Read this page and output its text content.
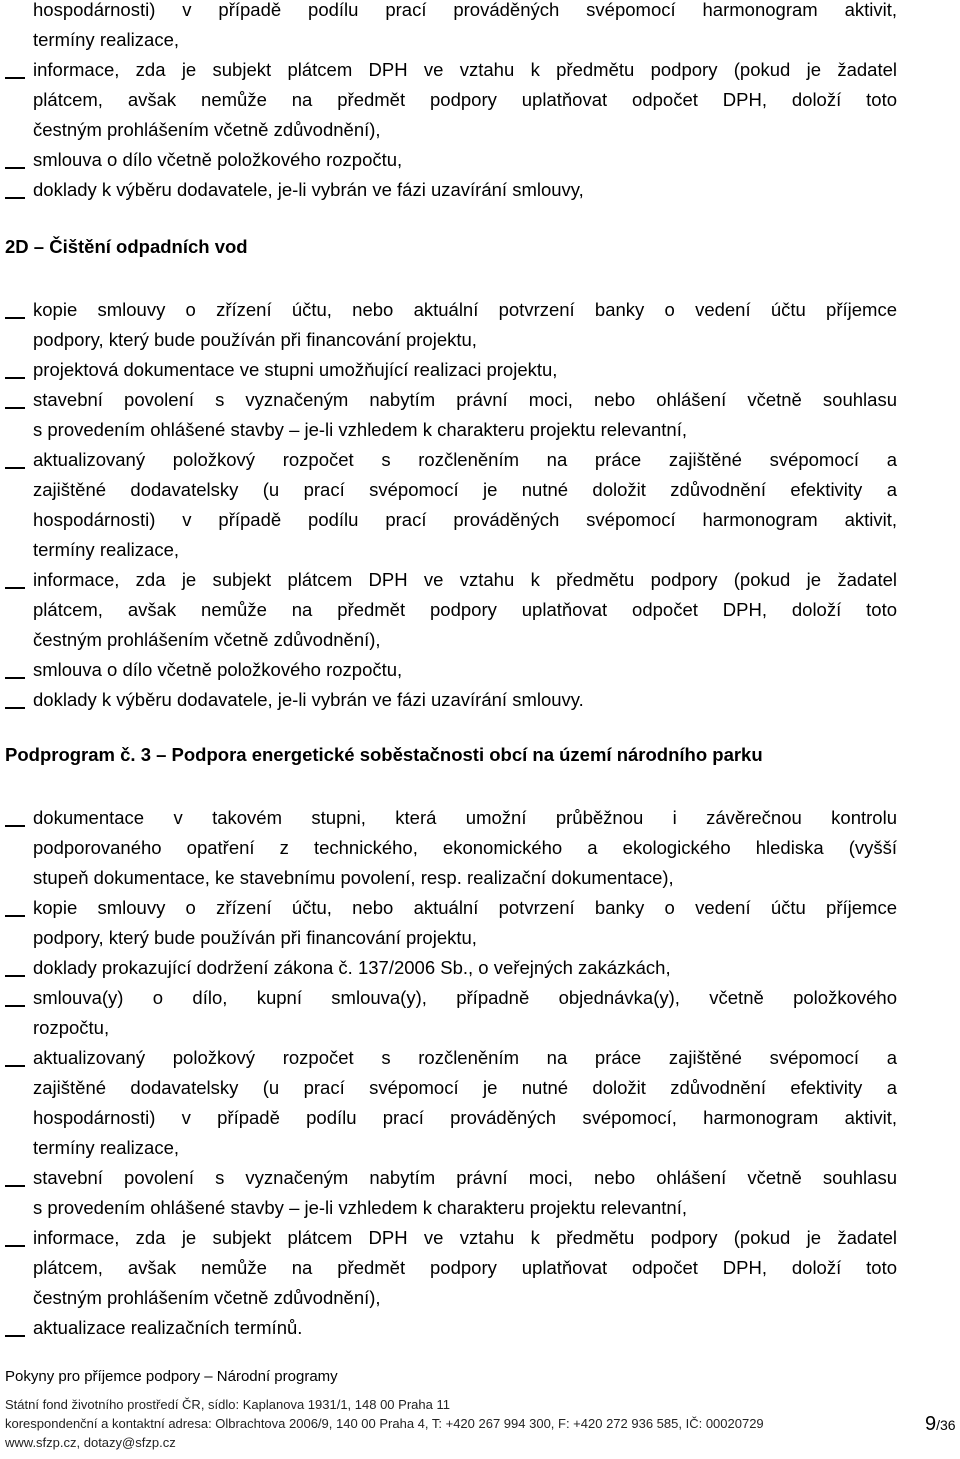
hospodárnosti) v případě podílu prací prováděných svépomocí harmonogram aktivit,
termíny realizace,
informace, zda je subjekt plátcem DPH ve vztahu k předmětu podpory (pokud je žadatel
plátcem, avšak nemůže na předmět podpory uplatňovat odpočet DPH, doloží toto
čestným prohlášením včetně zdůvodnění),
smlouva o dílo včetně položkového rozpočtu,
doklady k výběru dodavatele, je-li vybrán ve fázi uzavírání smlouvy,
2D – Čištění odpadních vod
kopie smlouvy o zřízení účtu, nebo aktuální potvrzení banky o vedení účtu příjemce
podpory, který bude používán při financování projektu,
projektová dokumentace ve stupni umožňující realizaci projektu,
stavební povolení s vyznačeným nabytím právní moci, nebo ohlášení včetně souhlasu
s provedením ohlášené stavby – je-li vzhledem k charakteru projektu relevantní,
aktualizovaný položkový rozpočet s rozčleněním na práce zajištěné svépomocí a
zajištěné dodavatelsky (u prací svépomocí je nutné doložit zdůvodnění efektivity a
hospodárnosti) v případě podílu prací prováděných svépomocí harmonogram aktivit,
termíny realizace,
informace, zda je subjekt plátcem DPH ve vztahu k předmětu podpory (pokud je žadatel
plátcem, avšak nemůže na předmět podpory uplatňovat odpočet DPH, doloží toto
čestným prohlášením včetně zdůvodnění),
smlouva o dílo včetně položkového rozpočtu,
doklady k výběru dodavatele, je-li vybrán ve fázi uzavírání smlouvy.
Podprogram č. 3 – Podpora energetické soběstačnosti obcí na území národního parku
dokumentace v takovém stupni, která umožní průběžnou i závěrečnou kontrolu
podporovaného opatření z technického, ekonomického a ekologického hlediska (vyšší
stupeň dokumentace, ke stavebnímu povolení, resp. realizační dokumentace),
kopie smlouvy o zřízení účtu, nebo aktuální potvrzení banky o vedení účtu příjemce
podpory, který bude používán při financování projektu,
doklady prokazující dodržení zákona č. 137/2006 Sb., o veřejných zakázkách,
smlouva(y) o dílo, kupní smlouva(y), případně objednávka(y), včetně položkového
rozpočtu,
aktualizovaný položkový rozpočet s rozčleněním na práce zajištěné svépomocí a
zajištěné dodavatelsky (u prací svépomocí je nutné doložit zdůvodnění efektivity a
hospodárnosti) v případě podílu prací prováděných svépomocí, harmonogram aktivit,
termíny realizace,
stavební povolení s vyznačeným nabytím právní moci, nebo ohlášení včetně souhlasu
s provedením ohlášené stavby – je-li vzhledem k charakteru projektu relevantní,
informace, zda je subjekt plátcem DPH ve vztahu k předmětu podpory (pokud je žadatel
plátcem, avšak nemůže na předmět podpory uplatňovat odpočet DPH, doloží toto
čestným prohlášením včetně zdůvodnění),
aktualizace realizačních termínů.
Pokyny pro příjemce podpory – Národní programy
Státní fond životního prostředí ČR, sídlo: Kaplanova 1931/1, 148 00 Praha 11
korespondenční a kontaktní adresa: Olbrachtova 2006/9, 140 00 Praha 4, T: +420 267 994 300, F: +420 272 936 585, IČ: 00020729
www.sfzp.cz, dotazy@sfzp.cz
9/36
